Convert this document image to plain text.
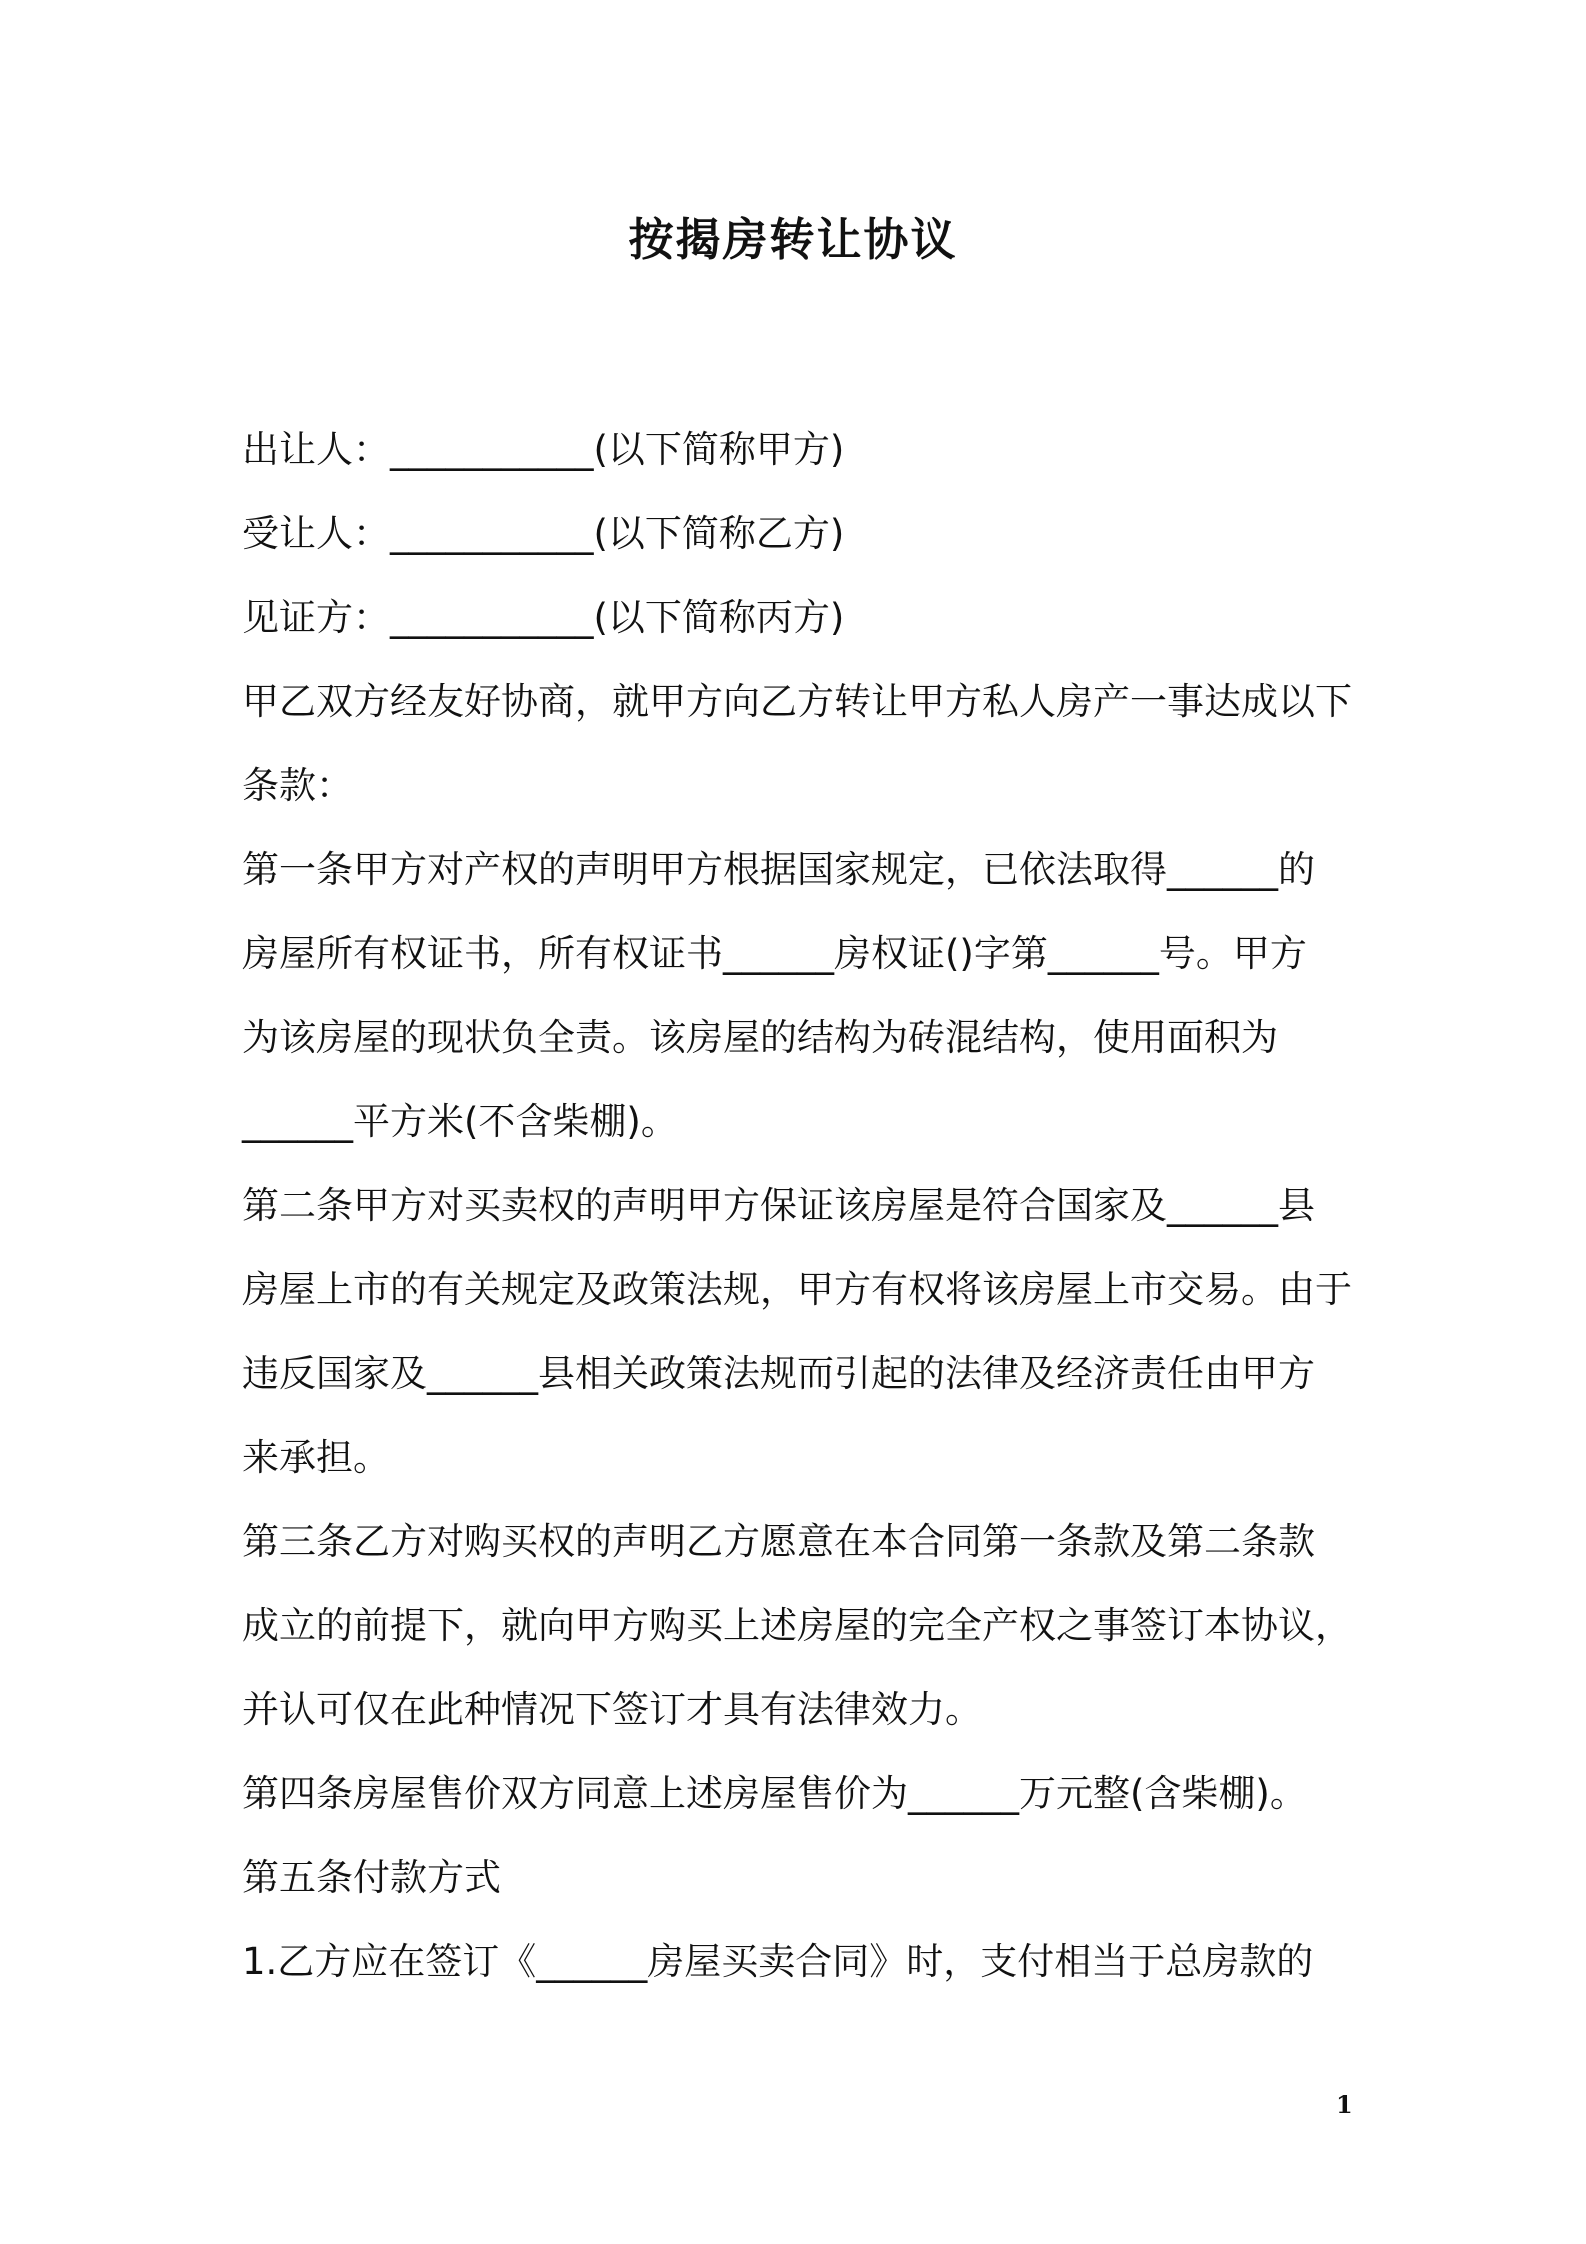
按揭房转让协议
出让人：___________(以下简称甲方)
受让人：___________(以下简称乙方)
见证方：___________(以下简称丙方)
甲乙双方经友好协商，就甲方向乙方转让甲方私人房产一事达成以下
条款：
第一条甲方对产权的声明甲方根据国家规定，已依法取得______的
房屋所有权证书，所有权证书______房权证()字第______号。甲方
为该房屋的现状负全责。该房屋的结构为砖混结构，使用面积为
______平方米(不含柴棚)。
第二条甲方对买卖权的声明甲方保证该房屋是符合国家及______县
房屋上市的有关规定及政策法规，甲方有权将该房屋上市交易。由于
违反国家及______县相关政策法规而引起的法律及经济责任由甲方
来承担。
第三条乙方对购买权的声明乙方愿意在本合同第一条款及第二条款
成立的前提下，就向甲方购买上述房屋的完全产权之事签订本协议，
并认可仅在此种情况下签订才具有法律效力。
第四条房屋售价双方同意上述房屋售价为______万元整(含柴棚)。
第五条付款方式
1.乙方应在签订《______房屋买卖合同》时，支付相当于总房款的
1
